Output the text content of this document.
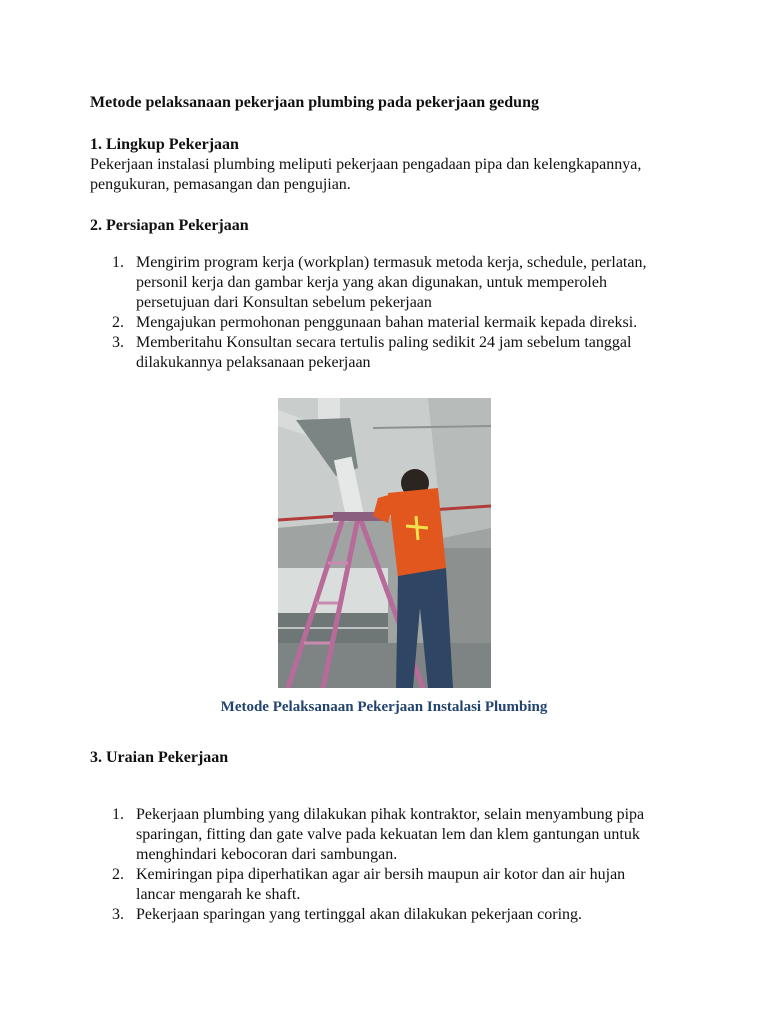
Metode pelaksanaan pekerjaan plumbing pada pekerjaan gedung
1. Lingkup Pekerjaan
Pekerjaan instalasi plumbing meliputi pekerjaan pengadaan pipa dan kelengkapannya,
pengukuran, pemasangan dan pengujian.
2. Persiapan Pekerjaan
1. Mengirim program kerja (workplan) termasuk metoda kerja, schedule, perlatan,
personil kerja dan gambar kerja yang akan digunakan, untuk memperoleh
persetujuan dari Konsultan sebelum pekerjaan
2. Mengajukan permohonan penggunaan bahan material kermaik kepada direksi.
3. Memberitahu Konsultan secara tertulis paling sedikit 24 jam sebelum tanggal
dilakukannya pelaksanaan pekerjaan
Metode Pelaksanaan Pekerjaan Instalasi Plumbing
3. Uraian Pekerjaan
1. Pekerjaan plumbing yang dilakukan pihak kontraktor, selain menyambung pipa
sparingan, fitting dan gate valve pada kekuatan lem dan klem gantungan untuk
menghindari kebocoran dari sambungan.
2. Kemiringan pipa diperhatikan agar air bersih maupun air kotor dan air hujan
lancar mengarah ke shaft.
3. Pekerjaan sparingan yang tertinggal akan dilakukan pekerjaan coring.
